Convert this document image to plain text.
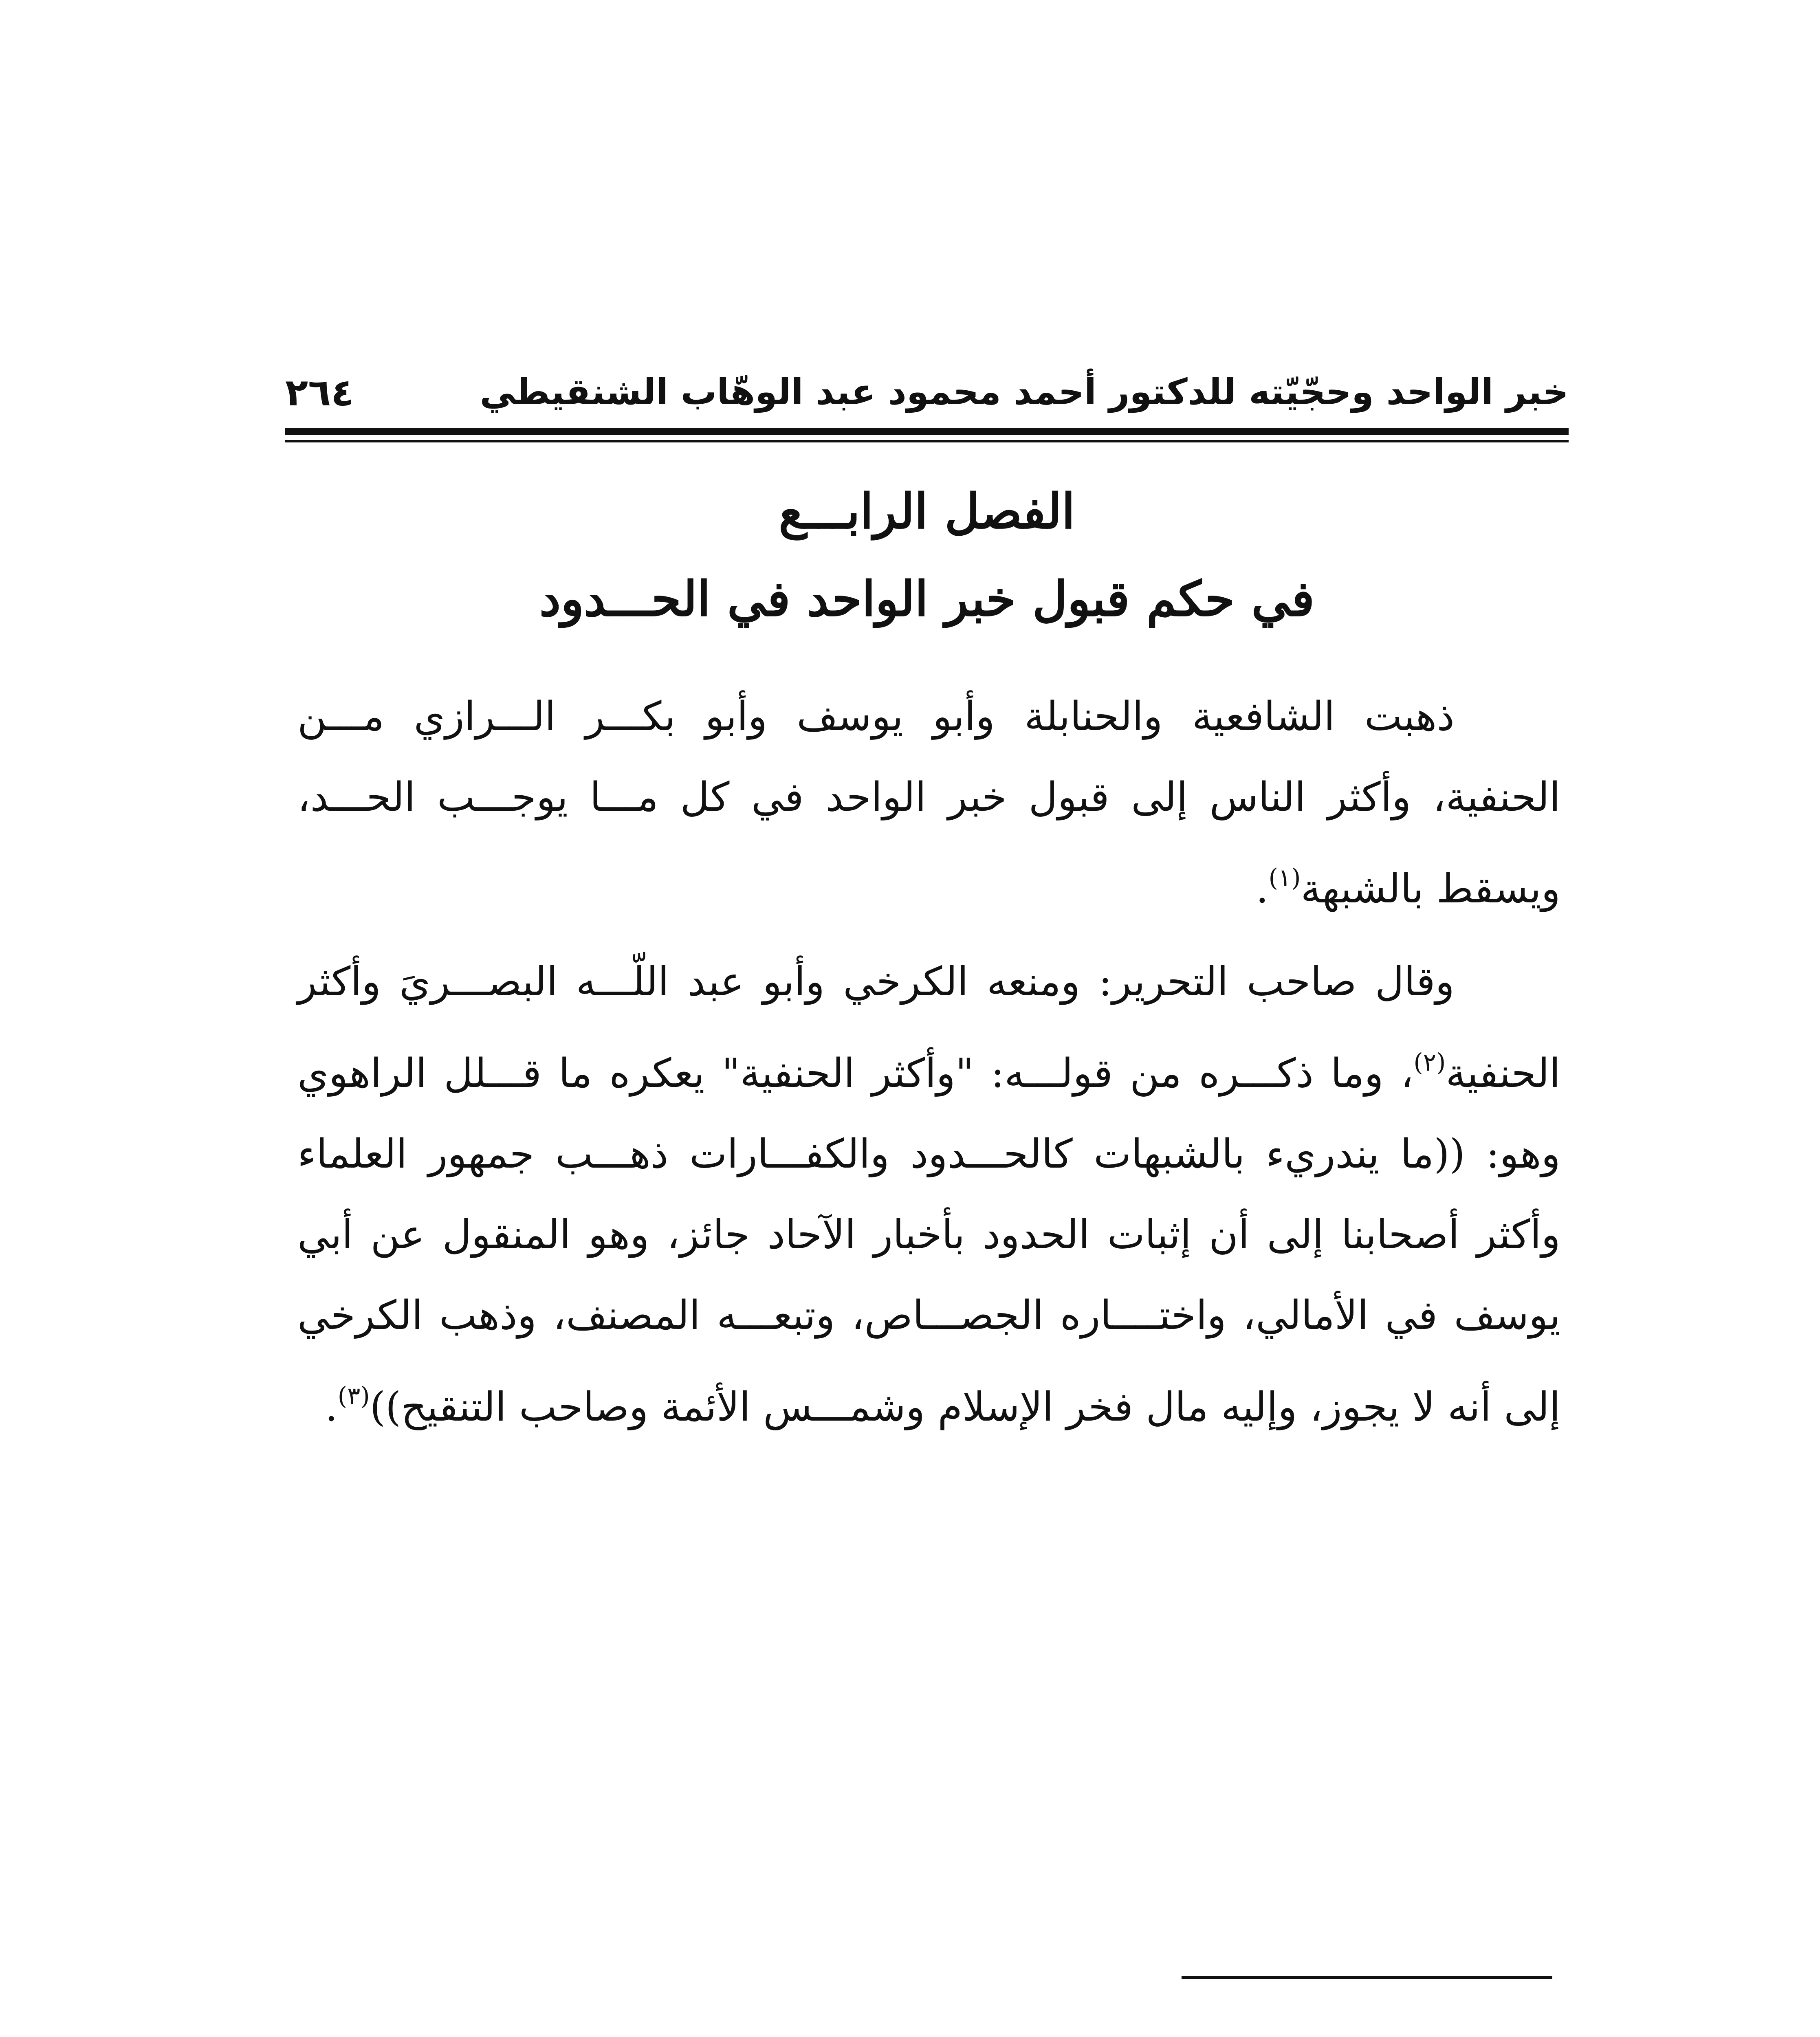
خبر الواحد وحجّيّته للدكتور أحمد محمود عبد الوهّاب الشنقيطي
٢٦٤
الفصل الرابـــع
في حكم قبول خبر الواحد في الحـــدود

ذهبت الشافعية والحنابلة وأبو يوسف وأبو بكـــر الـــرازي مـــن الحنفية، وأكثر الناس إلى قبول خبر الواحد في كل مـــا يوجـــب الحـــد، ويسقط بالشبهة$^{(١)}$.

وقال صاحب التحرير: ومنعه الكرخي وأبو عبد اللّـــه البصـــريَ وأكثر الحنفية$^{(٢)}$، وما ذكـــره من قولـــه: "وأكثر الحنفية" يعكره ما قـــلل الراهوي وهو: ((ما يندريء بالشبهات كالحـــدود والكفـــارات ذهـــب جمهور العلماء وأكثر أصحابنا إلى أن إثبات الحدود بأخبار الآحاد جائز، وهو المنقول عن أبي يوسف في الأمالي، واختــــاره الجصـــاص، وتبعـــه المصنف، وذهب الكرخي إلى أنه لا يجوز، وإليه مال فخر الإسلام وشمـــس الأئمة وصاحب التنقيح))$^{(٣)}$.
